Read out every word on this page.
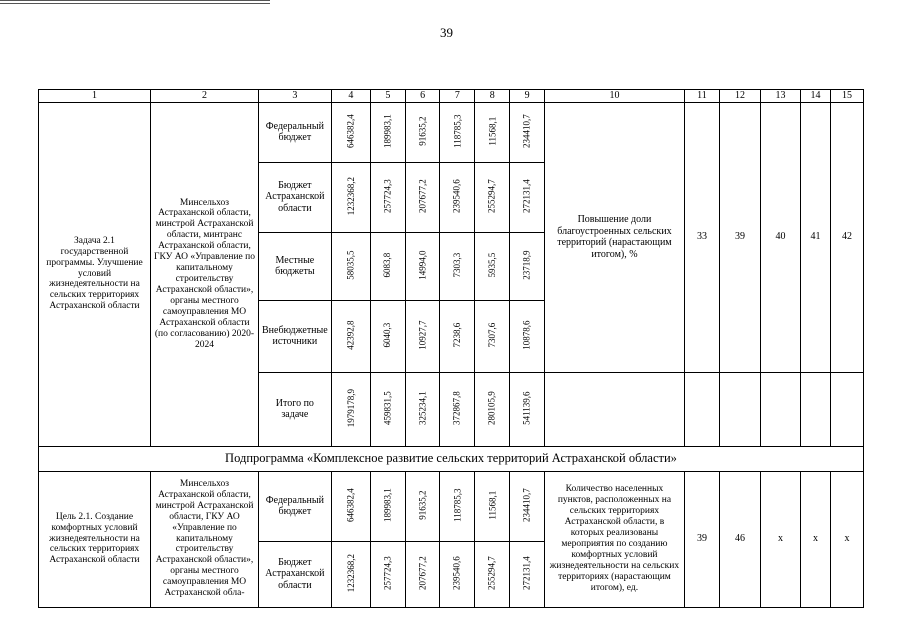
39
1	2	3	4	5	6	7	8	9	10	11	12	13	14	15

Задача 2.1 государственной программы. Улучшение условий жизнедеятельности на сельских территориях Астраханской области	Минсельхоз Астраханской области, минстрой Астраханской области, минтранс Астраханской области, ГКУ АО «Управление по капитальному строительству Астраханской области», органы местного самоуправления МО Астраханской области (по согласованию) 2020-2024	Федеральный бюджет	646382,4	189983,1	91635,2	118785,3	11568,1	234410,7	Повышение доли благоустроенных сельских территорий (нарастающим итогом), %	33	39	40	41	42

		Бюджет Астраханской области	1232368,2	257724,3	207677,2	239540,6	255294,7	272131,4						

		Местные бюджеты	58035,5	6083,8	14994,0	7303,3	5935,5	23718,9						

		Внебюджетные источники	42392,8	6040,3	10927,7	7238,6	7307,6	10878,6						

		Итого по задаче	1979178,9	459831,5	325234,1	372867,8	280105,9	541139,6						
Подпрограмма «Комплексное развитие сельских территорий Астраханской области»														

Цель 2.1. Создание комфортных условий жизнедеятельности на сельских территориях Астраханской области	Минсельхоз Астраханской области, минстрой Астраханской области, ГКУ АО «Управление по капитальному строительству Астраханской области», органы местного самоуправления МО Астраханской обла-	Федеральный бюджет	646382,4	189983,1	91635,2	118785,3	11568,1	234410,7	Количество населенных пунктов, расположенных на сельских территориях Астраханской области, в которых реализованы мероприятия по созданию комфортных условий жизнедеятельности на сельских территориях (нарастающим итогом), ед.	39	46	х	х	х

		Бюджет Астраханской области	1232368,2	257724,3	207677,2	239540,6	255294,7	272131,4						
